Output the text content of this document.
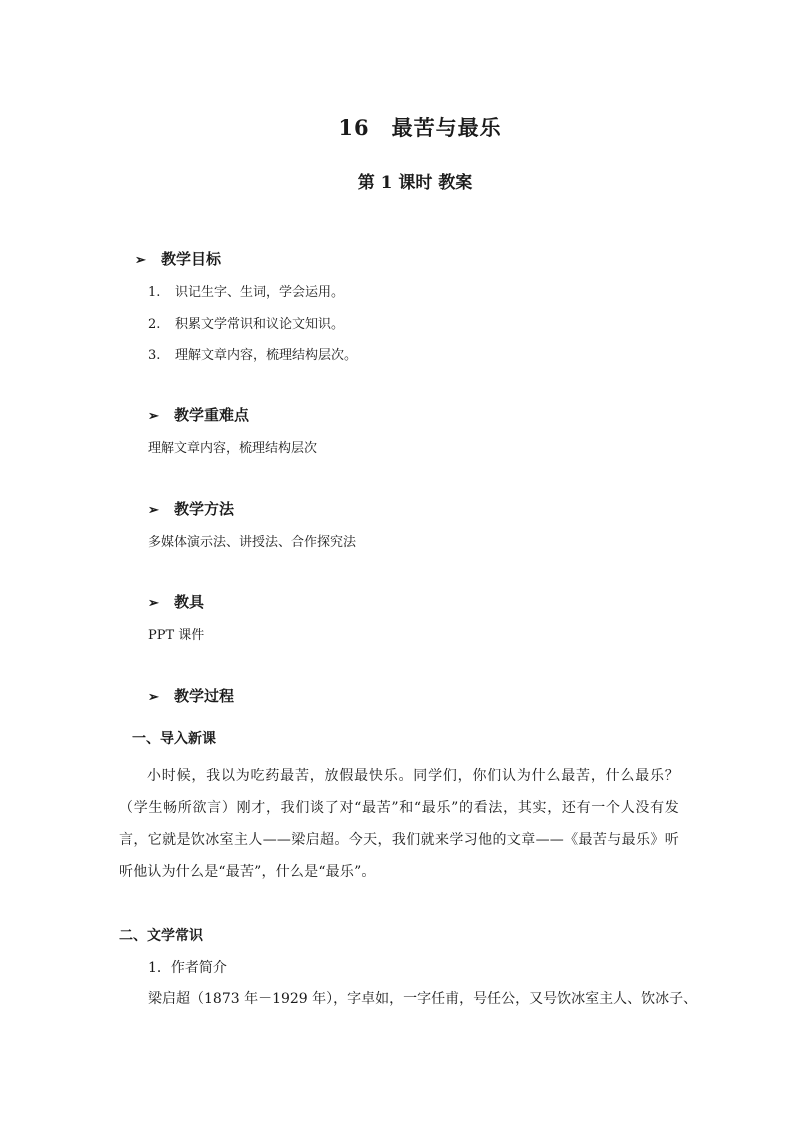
16　最苦与最乐
第 1 课时 教案
➢ 教学目标
1. 识记生字、生词，学会运用。
2. 积累文学常识和议论文知识。
3. 理解文章内容，梳理结构层次。
➢ 教学重难点
理解文章内容，梳理结构层次
➢ 教学方法
多媒体演示法、讲授法、合作探究法
➢ 教具
PPT 课件
➢ 教学过程
一、导入新课
小时候，我以为吃药最苦，放假最快乐。同学们，你们认为什么最苦，什么最乐？（学生畅所欲言）刚才，我们谈了对“最苦”和“最乐”的看法，其实，还有一个人没有发言，它就是饮冰室主人——梁启超。今天，我们就来学习他的文章——《最苦与最乐》听听他认为什么是“最苦”，什么是“最乐”。
二、文学常识
1．作者简介
梁启超（1873 年－1929 年），字卓如，一字任甫，号任公，又号饮冰室主人、饮冰子、
